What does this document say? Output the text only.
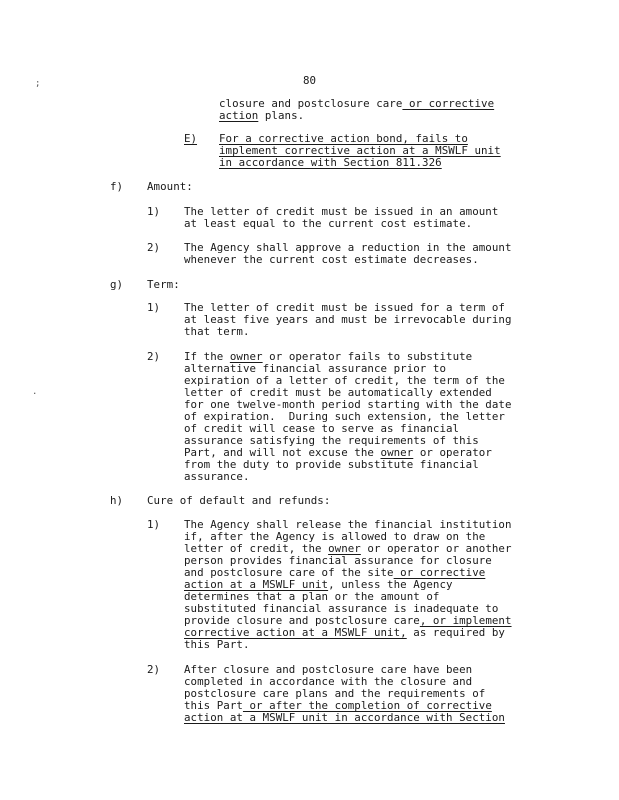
80
;
.
closure and postclosure care or corrective
action plans.
E) For a corrective action bond, fails to
implement corrective action at a MSWLF unit
in accordance with Section 811.326
f) Amount:
1) The letter of credit must be issued in an amount
at least equal to the current cost estimate.
2) The Agency shall approve a reduction in the amount
whenever the current cost estimate decreases.
g) Term:
1) The letter of credit must be issued for a term of
at least five years and must be irrevocable during
that term.
2) If the owner or operator fails to substitute
alternative financial assurance prior to
expiration of a letter of credit, the term of the
letter of credit must be automatically extended
for one twelve-month period starting with the date
of expiration.  During such extension, the letter
of credit will cease to serve as financial
assurance satisfying the requirements of this
Part, and will not excuse the owner or operator
from the duty to provide substitute financial
assurance.
h) Cure of default and refunds:
1) The Agency shall release the financial institution
if, after the Agency is allowed to draw on the
letter of credit, the owner or operator or another
person provides financial assurance for closure
and postclosure care of the site or corrective
action at a MSWLF unit, unless the Agency
determines that a plan or the amount of
substituted financial assurance is inadequate to
provide closure and postclosure care, or implement
corrective action at a MSWLF unit, as required by
this Part.
2) After closure and postclosure care have been
completed in accordance with the closure and
postclosure care plans and the requirements of
this Part or after the completion of corrective
action at a MSWLF unit in accordance with Section
